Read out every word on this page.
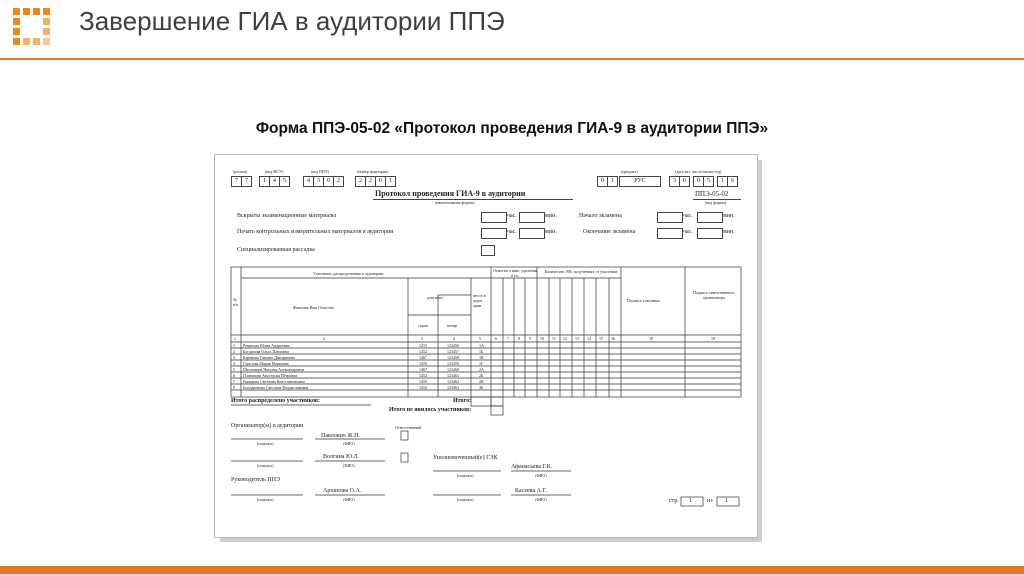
Завершение ГИА в аудитории ППЭ
Форма ППЭ-05-02 «Протокол проведения ГИА-9 в аудитории ППЭ»
(регион)	(код МСУ)	(код ППЭ)	(номер аудитории)	(предмет)	(дата экз. число-месяц-год)
7	7	1	4	5	4	3	0	2	2	2	0	1	0	1	РУС	3	0	0	5	1	6
Протокол проведения ГИА-9 в аудитории
(наименование формы)
ППЭ-05-02
(код формы)
Вскрыты экзаменационные материалы	час.	мин.	Начало экзамена	час.	мин.
Печать контрольных измерительных материалов в аудитории	час.	мин.	Окончание экзамена	час.	мин.
Специализированная рассадка
Участники, распределенные в аудиторию
№ п/п
Фамилия Имя Отчество
документ
серия	номер
место в аудит ории
Отметки о явке, удалении и т.п.
Количество ЭМ, полученных от участника
Подпись участника
Подпись ответственного организатора
1	2	3	4	5	6	7 8 9 10 11 12 13 14 15 16	18	19
1 Романова Юлия Андреевна	1215	123456	1А
2 Богданова Ольга Павловна	1452	123457	1Б
3 Баранова Татьяна Дмитриевна	1467	123458	1В
4 Горелова Мария Марковна	1459	123459	1Г
5 Шестовина Наталья Александровна	1467	123460	2А
6 Платонова Анастасия Петровна	1452	123461	2Б
7 Ермакова Светлана Константиновна	1459	123462	2В
8 Бондаренова Светлана Владиславовна	1452	123463	3Б
Итого распределено участников:	Итого:
Итого не явилось участников:
Организатор(ы) в аудитории	Ответственный
Павлович Ж.Н.
(подпись)	(ФИО)
Волгина Ю.Л.
(подпись)	(ФИО)
Уполномоченный(е) ГЭК
Афанасьева Г.К.
(подпись)	(ФИО)
Руководитель ППЭ
Архипова О.А.
(подпись)	(ФИО)
Касеева А.Г.
(подпись)	(ФИО)	стр. 1	из 1
